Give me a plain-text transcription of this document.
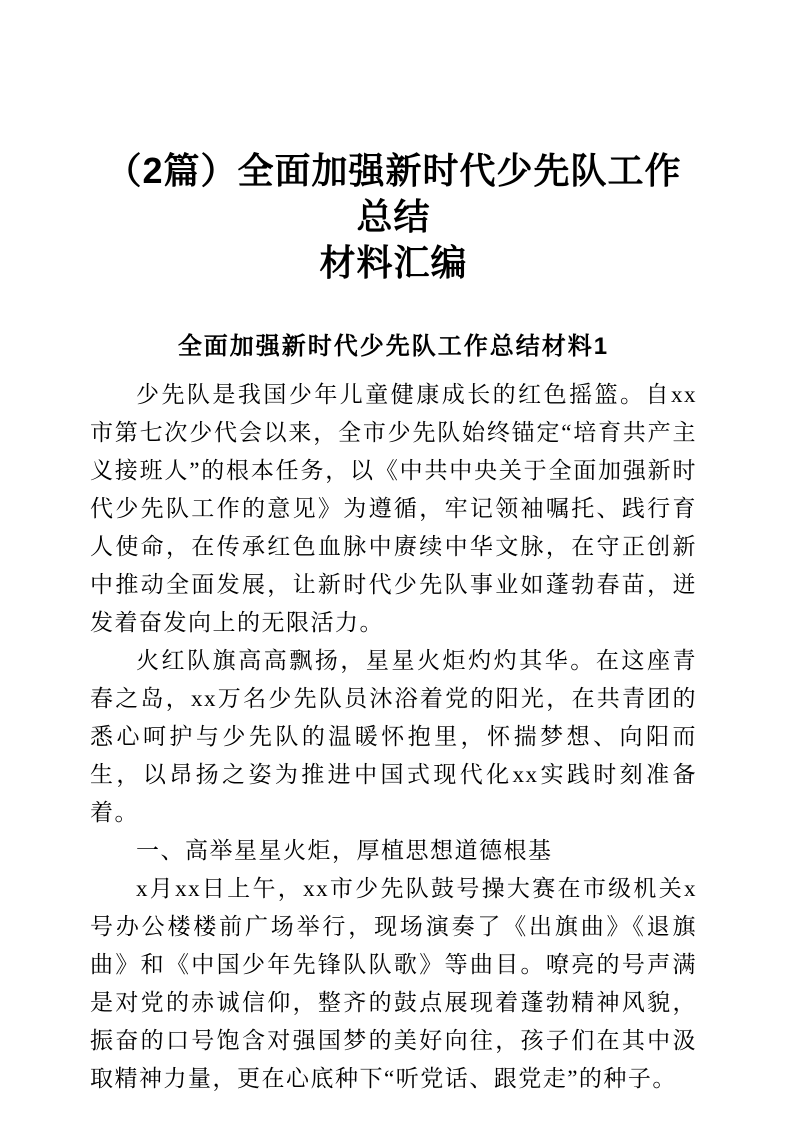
（2篇）全面加强新时代少先队工作总结
材料汇编
全面加强新时代少先队工作总结材料1

少先队是我国少年儿童健康成长的红色摇篮。自xx市第七次少代会以来，全市少先队始终锚定“培育共产主义接班人”的根本任务，以《中共中央关于全面加强新时代少先队工作的意见》为遵循，牢记领袖嘱托、践行育人使命，在传承红色血脉中赓续中华文脉，在守正创新中推动全面发展，让新时代少先队事业如蓬勃春苗，迸发着奋发向上的无限活力。

火红队旗高高飘扬，星星火炬灼灼其华。在这座青春之岛，xx万名少先队员沐浴着党的阳光，在共青团的悉心呵护与少先队的温暖怀抱里，怀揣梦想、向阳而生，以昂扬之姿为推进中国式现代化xx实践时刻准备着。

一、高举星星火炬，厚植思想道德根基

x月xx日上午，xx市少先队鼓号操大赛在市级机关x号办公楼楼前广场举行，现场演奏了《出旗曲》《退旗曲》和《中国少年先锋队队歌》等曲目。嘹亮的号声满是对党的赤诚信仰，整齐的鼓点展现着蓬勃精神风貌，振奋的口号饱含对强国梦的美好向往，孩子们在其中汲取精神力量，更在心底种下“听党话、跟党走”的种子。
